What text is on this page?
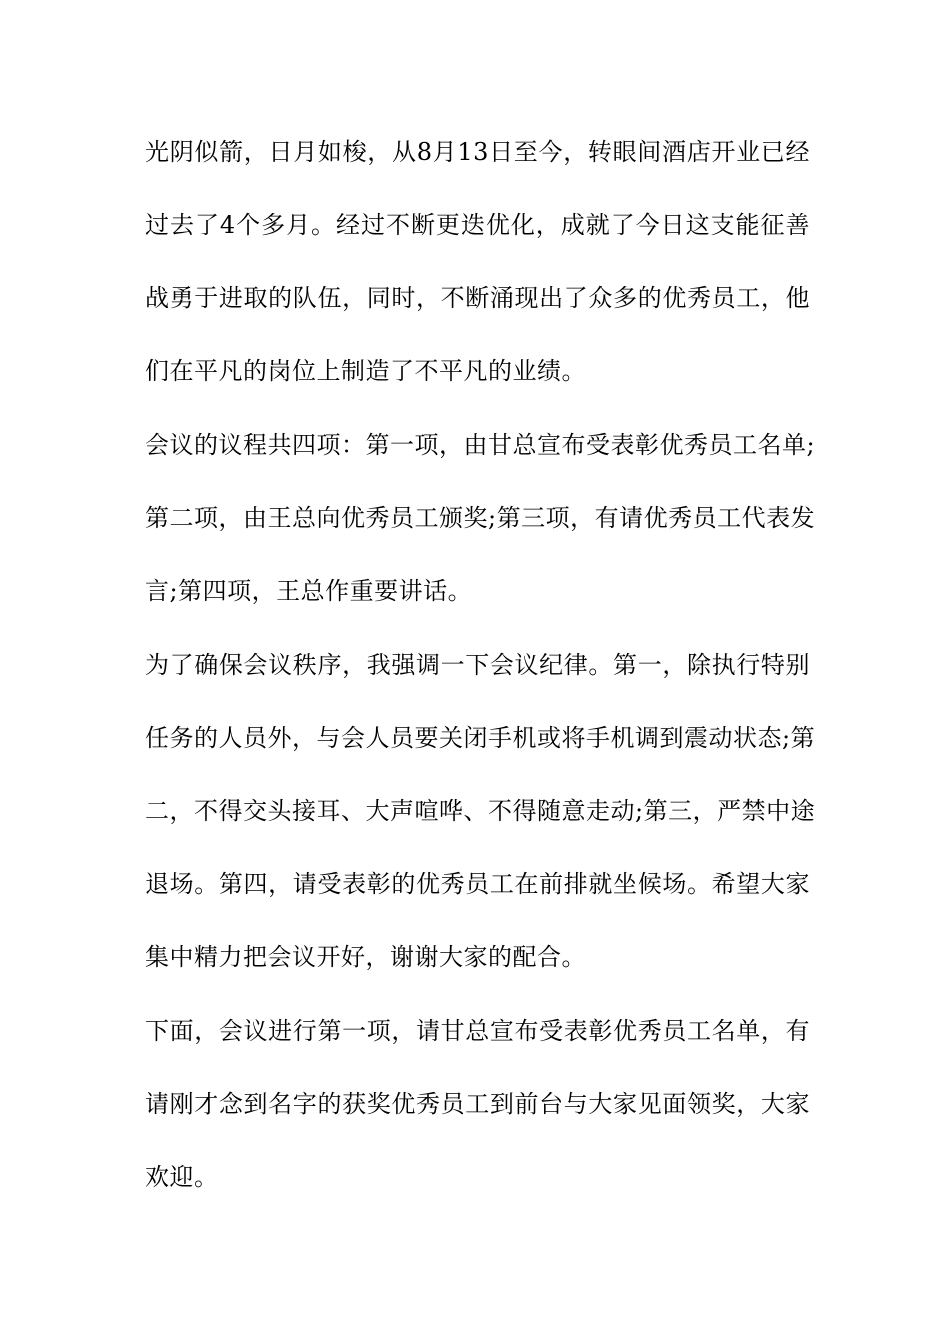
光阴似箭，日月如梭，从8月13日至今，转眼间酒店开业已经
过去了4个多月。经过不断更迭优化，成就了今日这支能征善
战勇于进取的队伍，同时，不断涌现出了众多的优秀员工，他
们在平凡的岗位上制造了不平凡的业绩。
会议的议程共四项：第一项，由甘总宣布受表彰优秀员工名单;
第二项，由王总向优秀员工颁奖;第三项，有请优秀员工代表发
言;第四项，王总作重要讲话。
为了确保会议秩序，我强调一下会议纪律。第一，除执行特别
任务的人员外，与会人员要关闭手机或将手机调到震动状态;第
二，不得交头接耳、大声喧哗、不得随意走动;第三，严禁中途
退场。第四，请受表彰的优秀员工在前排就坐候场。希望大家
集中精力把会议开好，谢谢大家的配合。
下面，会议进行第一项，请甘总宣布受表彰优秀员工名单，有
请刚才念到名字的获奖优秀员工到前台与大家见面领奖，大家
欢迎。
